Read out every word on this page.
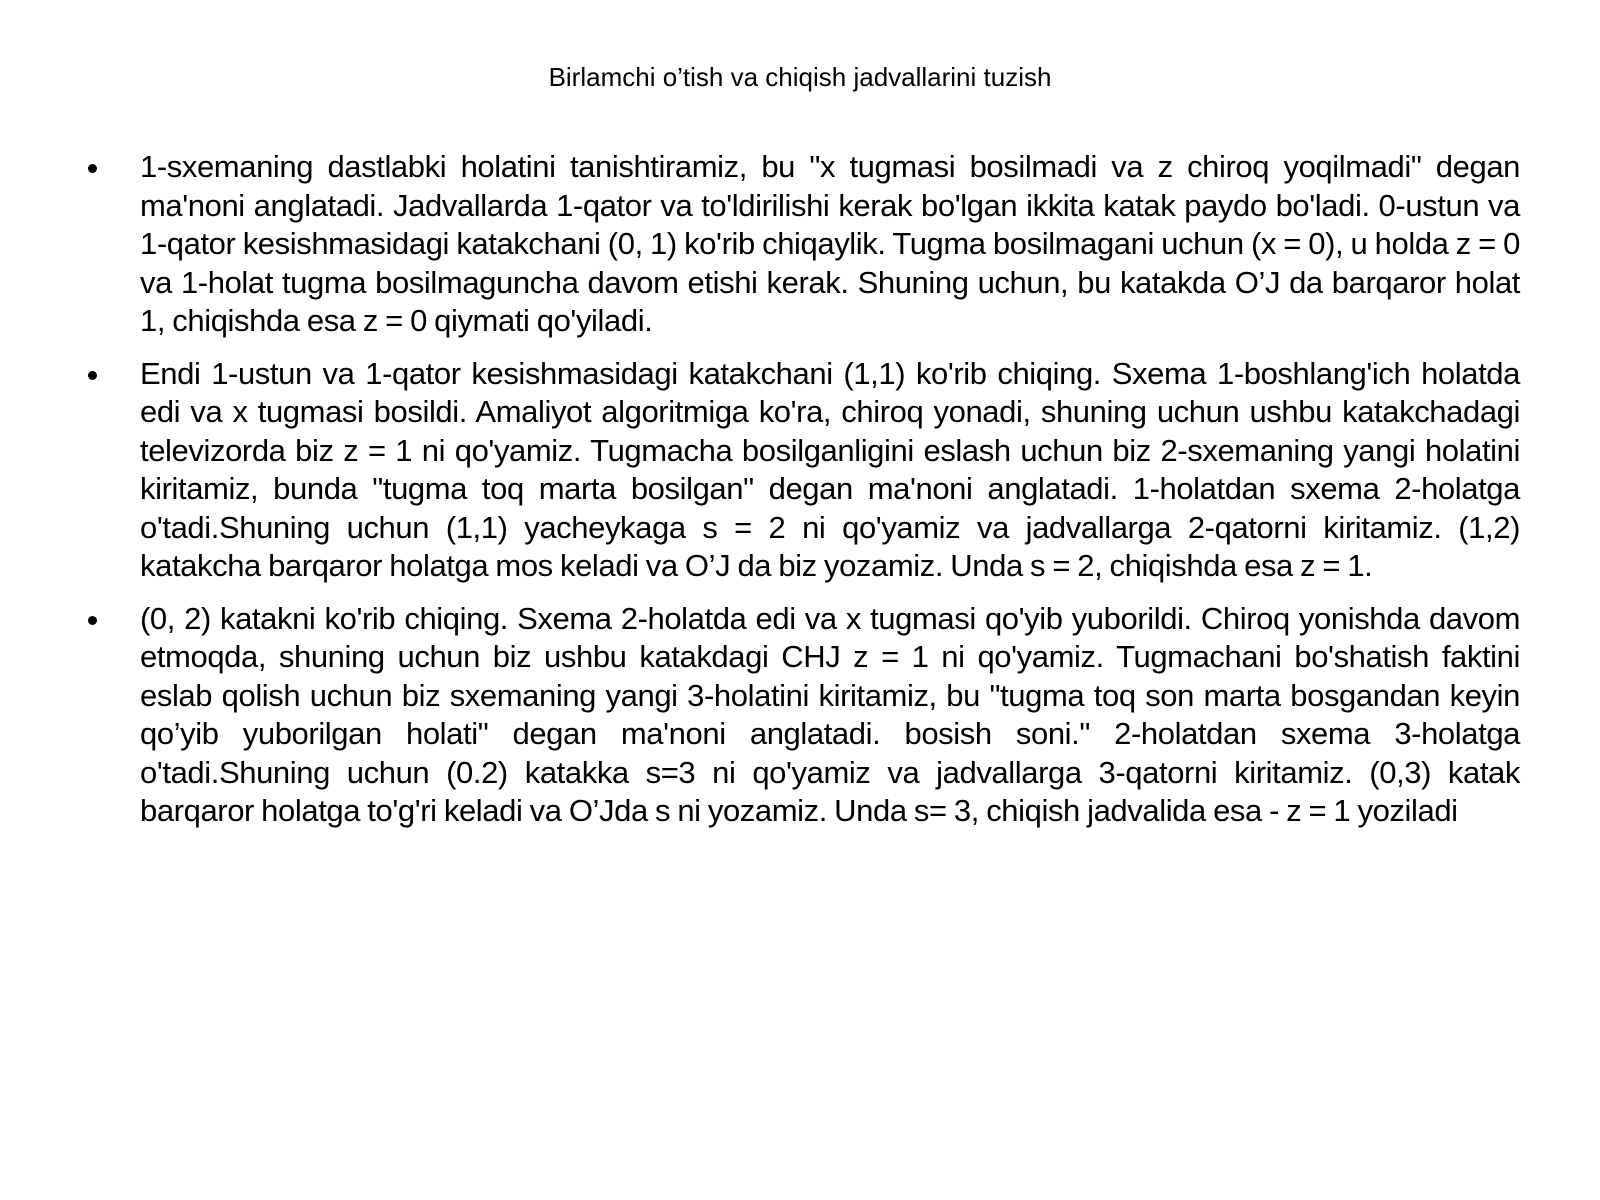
Birlamchi o’tish va chiqish jadvallarini tuzish
1-sxemaning dastlabki holatini tanishtiramiz, bu "x tugmasi bosilmadi va z chiroq yoqilmadi" degan ma'noni anglatadi. Jadvallarda 1-qator va to'ldirilishi kerak bo'lgan ikkita katak paydo bo'ladi. 0-ustun va 1-qator kesishmasidagi katakchani (0, 1) ko'rib chiqaylik. Tugma bosilmagani uchun (x = 0), u holda z = 0 va 1-holat tugma bosilmaguncha davom etishi kerak. Shuning uchun, bu katakda O’J da barqaror holat 1, chiqishda esa z = 0 qiymati qo'yiladi.
Endi 1-ustun va 1-qator kesishmasidagi katakchani (1,1) ko'rib chiqing. Sxema 1-boshlang'ich holatda edi va x tugmasi bosildi. Amaliyot algoritmiga ko'ra, chiroq yonadi, shuning uchun ushbu katakchadagi televizorda biz z = 1 ni qo'yamiz. Tugmacha bosilganligini eslash uchun biz 2-sxemaning yangi holatini kiritamiz, bunda "tugma toq marta bosilgan" degan ma'noni anglatadi. 1-holatdan sxema 2-holatga o'tadi.Shuning uchun (1,1) yacheykaga s = 2 ni qo'yamiz va jadvallarga 2-qatorni kiritamiz. (1,2) katakcha barqaror holatga mos keladi va O’J da biz yozamiz. Unda s = 2, chiqishda esa z = 1.
(0, 2) katakni ko'rib chiqing. Sxema 2-holatda edi va x tugmasi qo'yib yuborildi. Chiroq yonishda davom etmoqda, shuning uchun biz ushbu katakdagi CHJ z = 1 ni qo'yamiz. Tugmachani bo'shatish faktini eslab qolish uchun biz sxemaning yangi 3-holatini kiritamiz, bu "tugma toq son marta bosgandan keyin qo’yib yuborilgan holati" degan ma'noni anglatadi. bosish soni." 2-holatdan sxema 3-holatga o'tadi.Shuning uchun (0.2) katakka s=3 ni qo'yamiz va jadvallarga 3-qatorni kiritamiz. (0,3) katak barqaror holatga to'g'ri keladi va O’Jda s ni yozamiz. Unda s= 3, chiqish jadvalida esa - z = 1 yoziladi
